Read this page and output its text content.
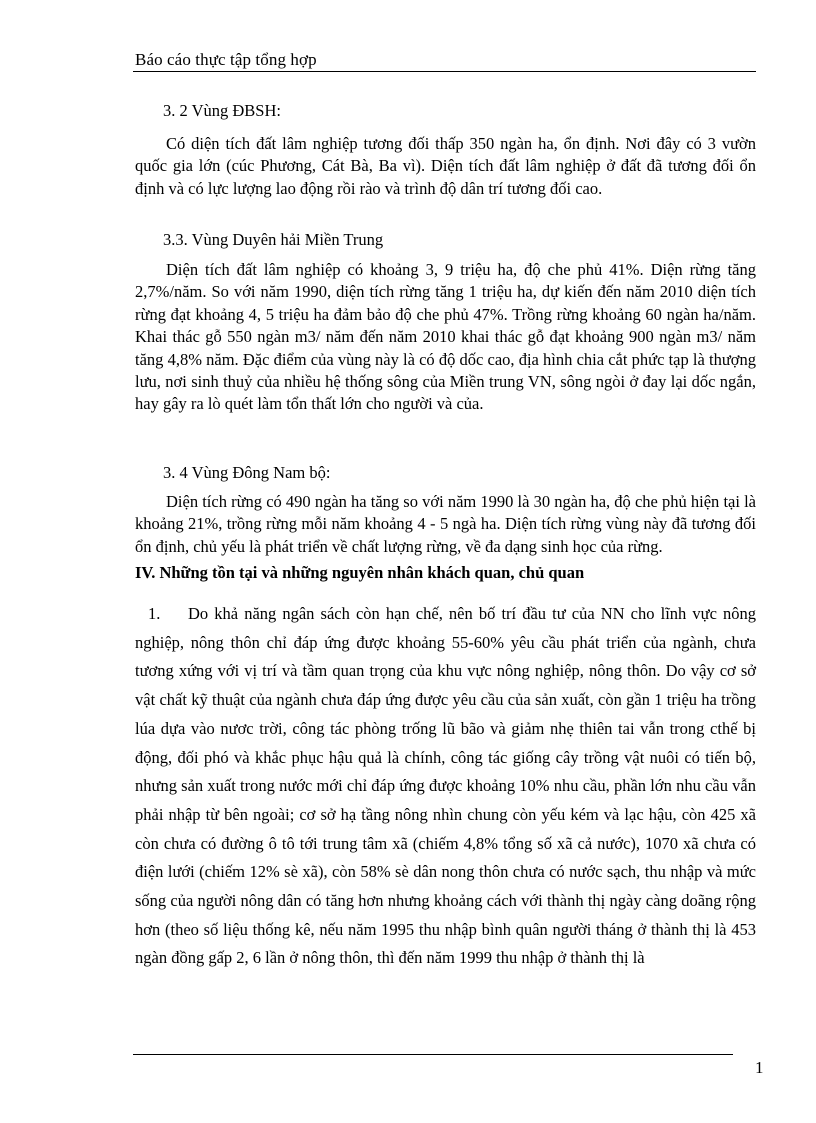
Báo cáo thực tập tổng hợp
3. 2 Vùng ĐBSH:
Có diện tích đất lâm nghiệp tương đối thấp 350 ngàn ha, ổn định. Nơi đây có 3 vườn quốc gia lớn (cúc Phương, Cát Bà, Ba vì). Diện tích đất lâm nghiệp ở đất đã tương đối ổn định và có lực lượng lao động rồi rào và trình độ dân trí tương đối cao.
3.3. Vùng Duyên hải Miền Trung
Diện tích đất lâm nghiệp có khoảng 3, 9 triệu ha, độ che phủ 41%. Diện rừng tăng 2,7%/năm. So với năm 1990, diện tích rừng tăng 1 triệu ha, dự kiến đến năm 2010 diện tích rừng đạt khoảng 4, 5 triệu ha đảm bảo độ che phủ 47%. Trồng rừng khoảng 60 ngàn ha/năm. Khai thác gỗ 550 ngàn m3/ năm đến năm 2010 khai thác gỗ đạt khoảng 900 ngàn m3/ năm tăng 4,8% năm. Đặc điểm của vùng này là có độ dốc cao, địa hình chia cắt phức tạp là thượng lưu, nơi sinh thuỷ của nhiều hệ thống sông của Miền trung VN, sông ngòi ở đay lại dốc ngắn, hay gây ra lò quét làm tổn thất lớn cho người và của.
3. 4 Vùng Đông Nam bộ:
Diện tích rừng có 490 ngàn ha tăng so với năm 1990 là 30 ngàn ha, độ che phủ hiện tại là khoảng 21%, trồng rừng mỗi năm khoảng 4 - 5 ngà ha. Diện tích rừng vùng này đã tương đối ổn định, chủ yếu là phát triển về chất lượng rừng, về đa dạng sinh học của rừng.
IV. Những tồn tại và những nguyên nhân khách quan, chủ quan
1. Do khả năng ngân sách còn hạn chế, nên bố trí đầu tư của NN cho lĩnh vực nông nghiệp, nông thôn chỉ đáp ứng được khoảng 55-60% yêu cầu phát triển của ngành, chưa tương xứng với vị trí và tầm quan trọng của khu vực nông nghiệp, nông thôn. Do vậy cơ sở vật chất kỹ thuật của ngành chưa đáp ứng được yêu cầu của sản xuất, còn gần 1 triệu ha trồng lúa dựa vào nươc trời, công tác phòng trống lũ bão và giảm nhẹ thiên tai vẫn trong cthế bị động, đối phó và khắc phục hậu quả là chính, công tác giống cây trồng vật nuôi có tiến bộ, nhưng sản xuất trong nước mới chỉ đáp ứng được khoảng 10% nhu cầu, phần lớn nhu cầu vẫn phải nhập từ bên ngoài; cơ sở hạ tầng nông nhìn chung còn yếu kém và lạc hậu, còn 425 xã còn chưa có đường ô tô tới trung tâm xã (chiếm 4,8% tổng số xã cả nước), 1070 xã chưa có điện lưới (chiếm 12% sè xã), còn 58% sè dân nong thôn chưa có nước sạch, thu nhập và mức sống của người nông dân có tăng hơn nhưng khoảng cách với thành thị ngày càng doãng rộng hơn (theo số liệu thống kê, nếu năm 1995 thu nhập bình quân người tháng ở thành thị là 453 ngàn đồng gấp 2, 6 lần ở nông thôn, thì đến năm 1999 thu nhập ở thành thị là
1
